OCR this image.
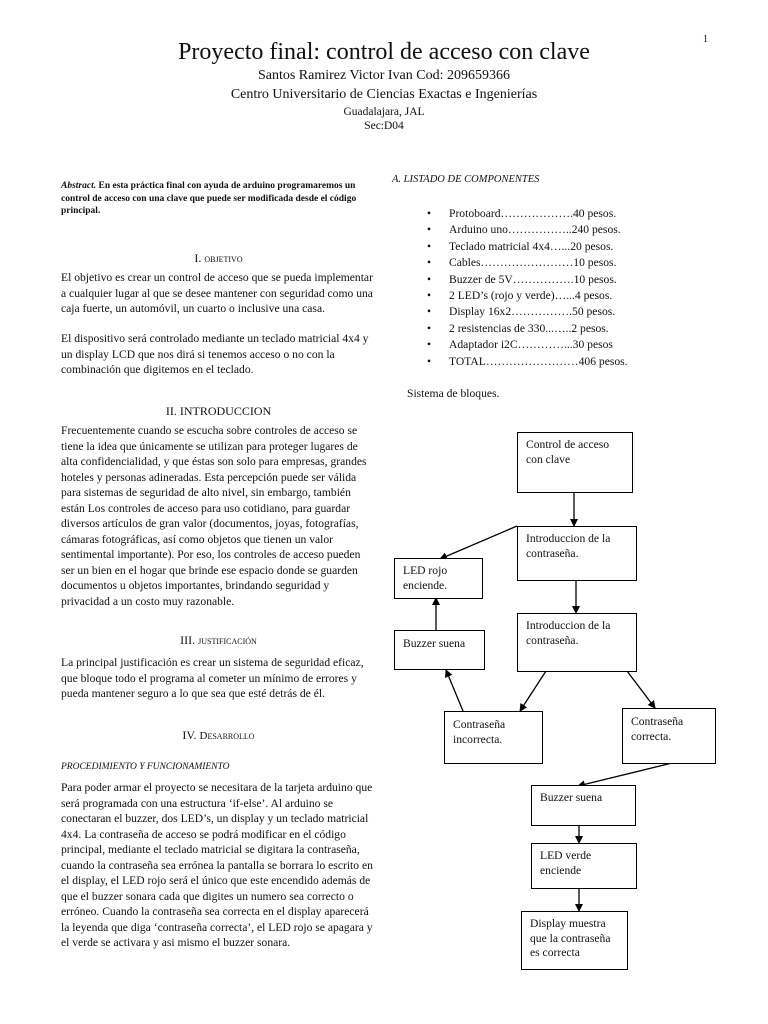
1
Proyecto final: control de acceso con clave
Santos Ramirez Victor Ivan Cod: 209659366
Centro Universitario de Ciencias Exactas e Ingenierías
Guadalajara, JAL
Sec:D04
Abstract. En esta práctica final con ayuda de arduino programaremos un control de acceso con una clave que puede ser modificada desde el código principal.
I. objetivo
El objetivo es crear un control de acceso que se pueda implementar a cualquier lugar al que se desee mantener con seguridad como una caja fuerte, un automóvil, un cuarto o inclusive una casa.
El dispositivo será controlado mediante un teclado matricial 4x4 y un display LCD que nos dirá si tenemos acceso o no con la combinación que digitemos en el teclado.
II. INTRODUCCION
Frecuentemente cuando se escucha sobre controles de acceso se tiene la idea que únicamente se utilizan para proteger lugares de alta confidencialidad, y que éstas son solo para empresas, grandes hoteles y personas adineradas. Esta percepción puede ser válida para sistemas de seguridad de alto nivel, sin embargo, también están Los controles de acceso para uso cotidiano, para guardar diversos artículos de gran valor (documentos, joyas, fotografías, cámaras fotográficas, así como objetos que tienen un valor sentimental importante). Por eso, los controles de acceso pueden ser un bien en el hogar que brinde ese espacio donde se guarden documentos u objetos importantes, brindando seguridad y privacidad a un costo muy razonable.
III. justificación
La principal justificación es crear un sistema de seguridad eficaz, que bloque todo el programa al cometer un mínimo de errores y pueda mantener seguro a lo que sea que esté detrás de él.
IV. Desarrollo
PROCEDIMIENTO Y FUNCIONAMIENTO
Para poder armar el proyecto se necesitara de la tarjeta arduino que será programada con una estructura ‘if-else’. Al arduino se conectaran el buzzer, dos LED’s, un display y un teclado matricial 4x4. La contraseña de acceso se podrá modificar en el código principal, mediante el teclado matricial se digitara la contraseña, cuando la contraseña sea errónea la pantalla se borrara lo escrito en el display, el LED rojo será el único que este encendido además de que el buzzer sonara cada que digites un numero sea correcto o erróneo. Cuando la contraseña sea correcta en el display aparecerá la leyenda que diga ‘contraseña correcta’, el LED rojo se apagara y el verde se activara y asi mismo el buzzer sonara.
A. LISTADO DE COMPONENTES
• Protoboard……………….40 pesos.
• Arduino uno……………..240 pesos.
• Teclado matricial 4x4…...20 pesos.
• Cables……………………10 pesos.
• Buzzer de 5V…………….10 pesos.
• 2 LED’s (rojo y verde)…...4 pesos.
• Display 16x2…………….50 pesos.
• 2 resistencias de 330...…..2 pesos.
• Adaptador i2C…………...30 pesos
• TOTAL……………………406 pesos.
Sistema de bloques.
Control de acceso con clave
Introduccion de la contraseña.
LED rojo enciende.
Introduccion de la contraseña.
Buzzer suena
Contraseña incorrecta.
Contraseña correcta.
Buzzer suena
LED verde enciende
Display muestra que la contraseña es correcta
